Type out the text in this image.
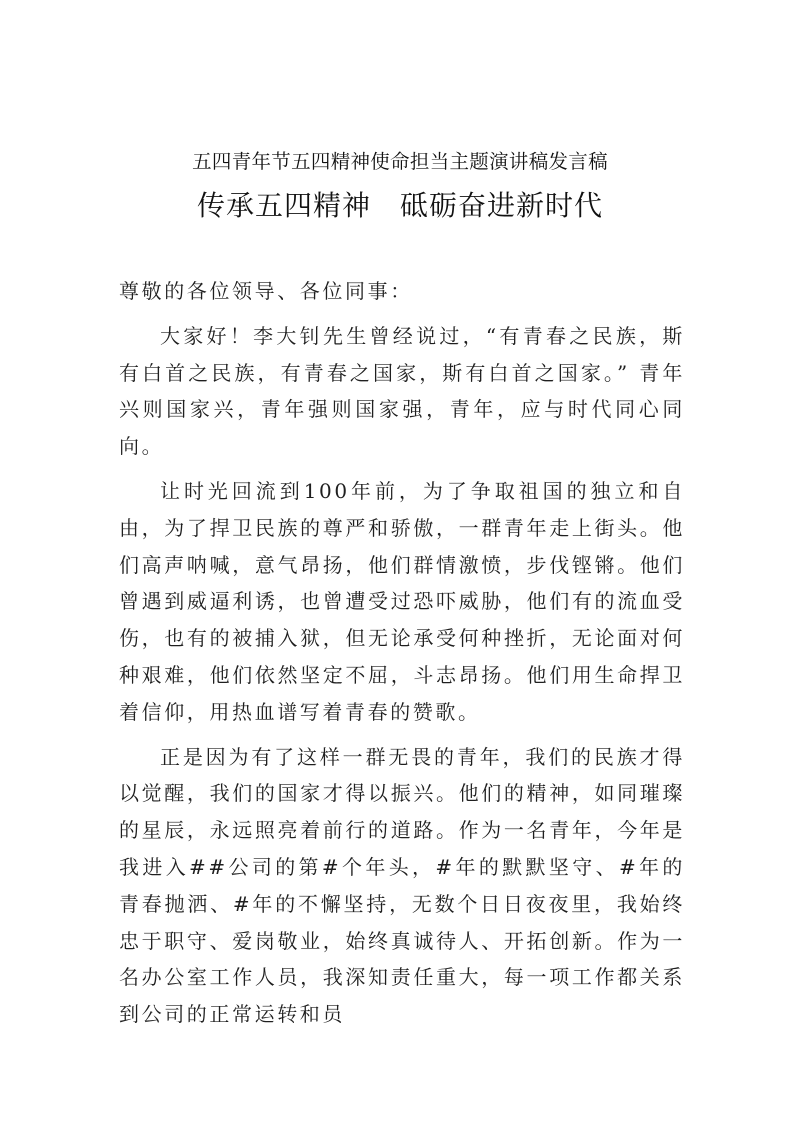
五四青年节五四精神使命担当主题演讲稿发言稿
传承五四精神　砥砺奋进新时代

尊敬的各位领导、各位同事：

大家好！李大钊先生曾经说过，“有青春之民族，斯有白首之民族，有青春之国家，斯有白首之国家。” 青年兴则国家兴，青年强则国家强，青年，应与时代同心同向。

让时光回流到100年前，为了争取祖国的独立和自由，为了捍卫民族的尊严和骄傲，一群青年走上街头。他们高声呐喊，意气昂扬，他们群情激愤，步伐铿锵。他们曾遇到威逼利诱，也曾遭受过恐吓威胁，他们有的流血受伤，也有的被捕入狱，但无论承受何种挫折，无论面对何种艰难，他们依然坚定不屈，斗志昂扬。他们用生命捍卫着信仰，用热血谱写着青春的赞歌。

正是因为有了这样一群无畏的青年，我们的民族才得以觉醒，我们的国家才得以振兴。他们的精神，如同璀璨的星辰，永远照亮着前行的道路。作为一名青年，今年是我进入##公司的第#个年头，#年的默默坚守、#年的青春抛洒、#年的不懈坚持，无数个日日夜夜里，我始终忠于职守、爱岗敬业，始终真诚待人、开拓创新。作为一名办公室工作人员，我深知责任重大，每一项工作都关系到公司的正常运转和员
